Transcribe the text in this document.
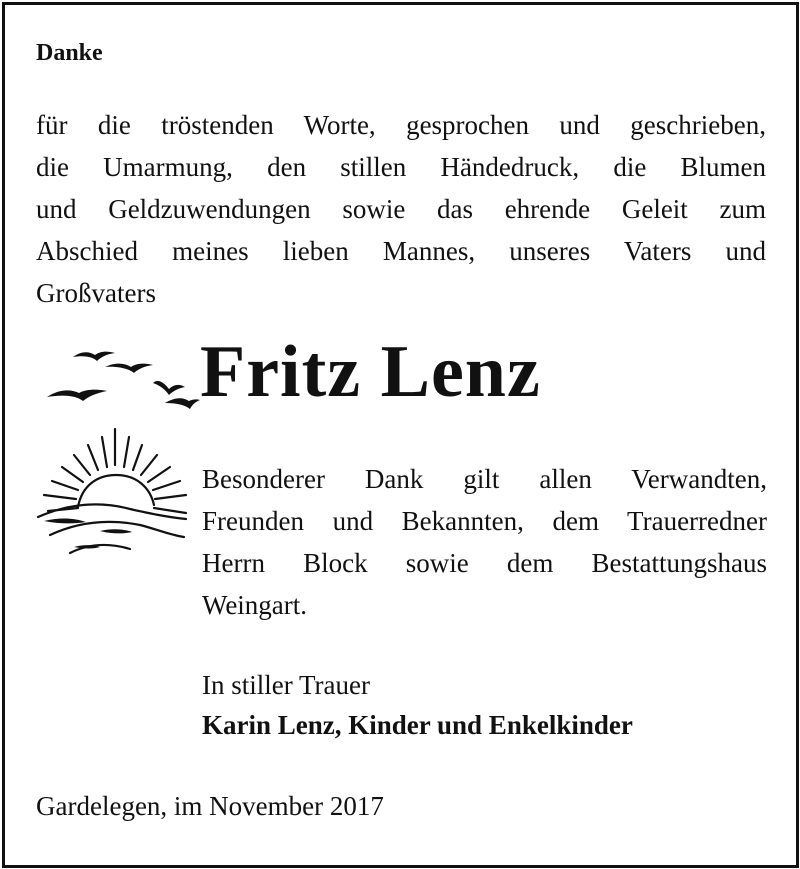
Danke
für die tröstenden Worte, gesprochen und geschrieben,
die Umarmung, den stillen Händedruck, die Blumen
und Geldzuwendungen sowie das ehrende Geleit zum
Abschied meines lieben Mannes, unseres Vaters und
Großvaters
Fritz Lenz
Besonderer Dank gilt allen Verwandten,
Freunden und Bekannten, dem Trauerredner
Herrn Block sowie dem Bestattungshaus
Weingart.
In stiller Trauer
Karin Lenz, Kinder und Enkelkinder
Gardelegen, im November 2017
